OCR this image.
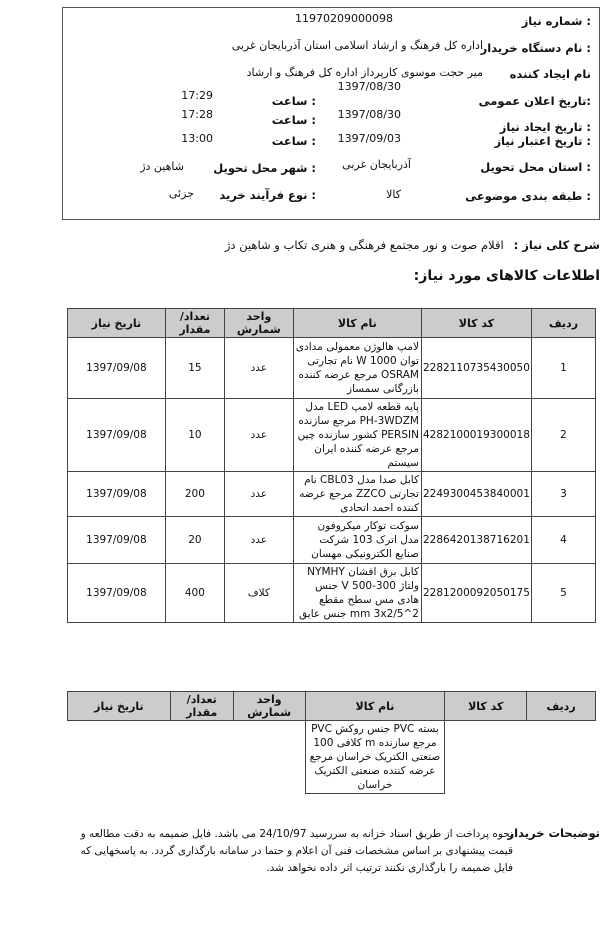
شماره نیاز :
11970209000098
نام دستگاه خریدار :
اداره کل فرهنگ و ارشاد اسلامی استان آذربایجان غربی
نام ایجاد کننده
میر حجت موسوی کارپرداز اداره کل فرهنگ و ارشاد
تاریخ اعلان عمومی:
1397/08/30
ساعت :
17:29
تاریخ ایجاد نیاز :
1397/08/30
ساعت :
17:28
تاریخ اعتبار نیاز :
1397/09/03
ساعت :
13:00
استان محل تحویل :
آذربایجان غربی
شهر محل تحویل :
شاهین دژ
طبقه بندی موضوعی :
کالا
نوع فرآیند خرید :
جزئی
شرح کلی نیاز :اقلام صوت و نور مجتمع فرهنگی و هنری تکاب و شاهین دژ
اطلاعات کالاهای مورد نیاز:
ردیف	کد کالا	نام کالا	واحد شمارش	تعداد/ مقدار	تاریخ نیاز
1	2282110735430050	لامپ هالوژن معمولی مدادی توان W 1000 نام تجارتی OSRAM مرجع عرضه کننده بازرگانی سمساز	عدد	15	1397/09/08
2	4282100019300018	پایه قطعه لامپ LED مدل PH-3WDZM مرجع سازنده PERSIN کشور سازنده چین مرجع عرضه کننده ایران سیستم	عدد	10	1397/09/08
3	2249300453840001	کابل صدا مدل CBL03 نام تجارتی ZZCO مرجع عرضه کننده احمد اتحادی	عدد	200	1397/09/08
4	2286420138716201	سوکت توکار میکروفون مدل اترک 103 شرکت صنایع الکترونیکی مهسان	عدد	20	1397/09/08
5	2281200092050175	کابل برق افشان NYMHY ولتاژ 300-500 V جنس هادی مس سطح مقطع 2^mm 3x2/5 جنس عایق	کلاف	400	1397/09/08
ردیف	کد کالا	نام کالا	واحد شمارش	تعداد/ مقدار	تاریخ نیاز
		بسته PVC جنس روکش PVC مرجع سازنده m کلافی 100 صنعتی الکتریک خراسان مرجع عرضه کننده صنعتی الکتریک خراسان			
توضیحات خریدار
نحوه پرداخت از طریق اسناد خزانه به سررسید 24/10/97 می باشد. فایل ضمیمه به دقت مطالعه و قیمت پیشنهادی بر اساس مشخصات فنی آن اعلام و حتما در سامانه بارگذاری گردد. به پاسخهایی که فایل ضمیمه را بارگذاری نکنند ترتیب اثر داده نخواهد شد.
